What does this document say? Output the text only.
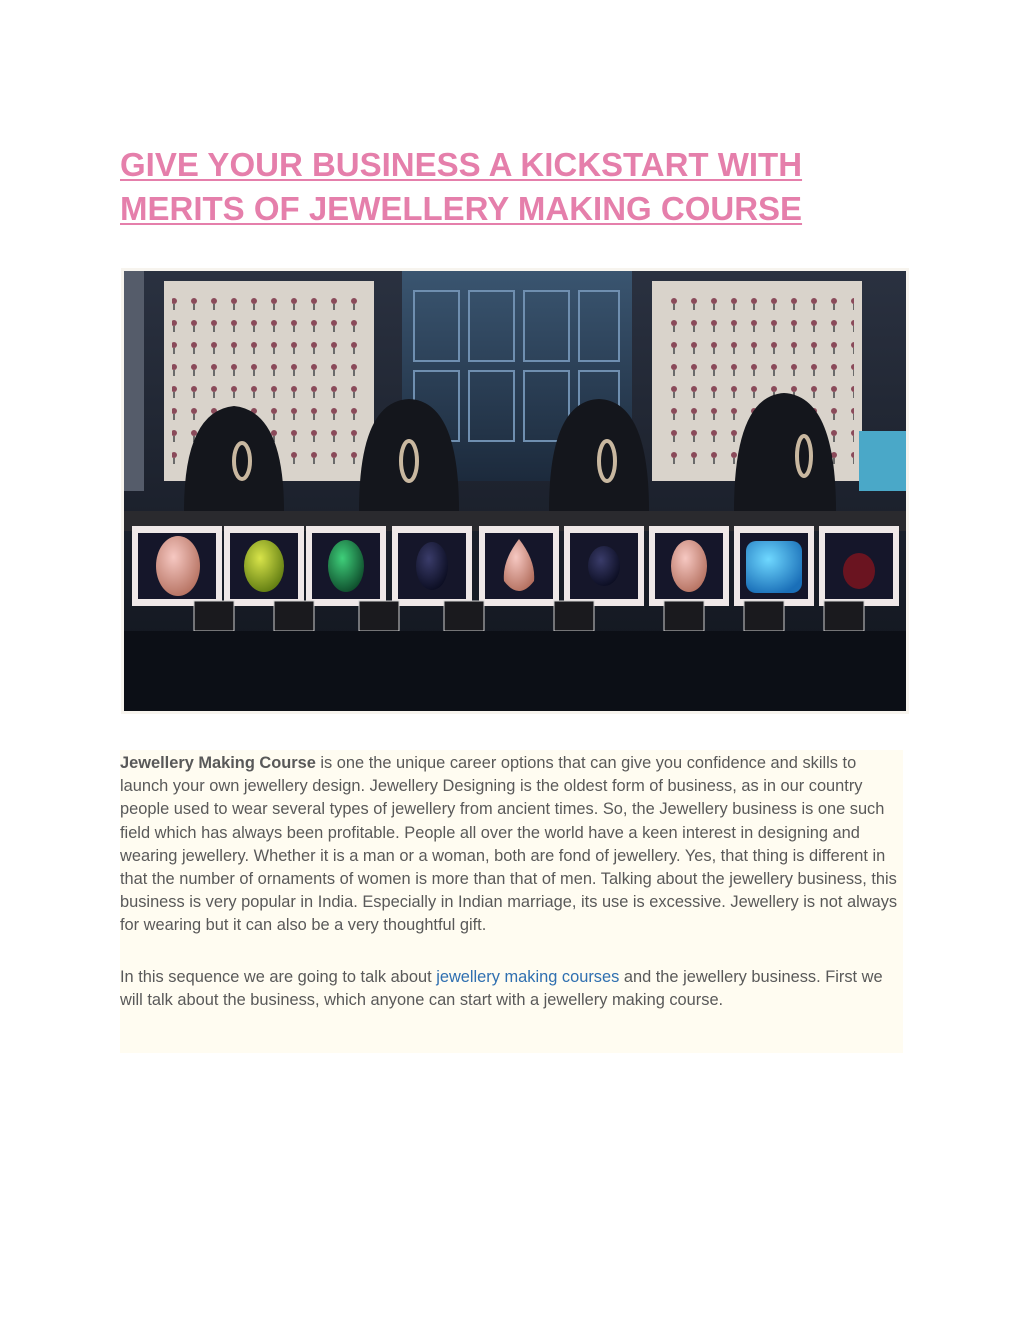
GIVE YOUR BUSINESS A KICKSTART WITH MERITS OF JEWELLERY MAKING COURSE

Jewellery Making Course is one the unique career options that can give you confidence and skills to launch your own jewellery design. Jewellery Designing is the oldest form of business, as in our country people used to wear several types of jewellery from ancient times. So, the Jewellery business is one such field which has always been profitable. People all over the world have a keen interest in designing and wearing jewellery. Whether it is a man or a woman, both are fond of jewellery. Yes, that thing is different in that the number of ornaments of women is more than that of men. Talking about the jewellery business, this business is very popular in India. Especially in Indian marriage, its use is excessive. Jewellery is not always for wearing but it can also be a very thoughtful gift.

In this sequence we are going to talk about jewellery making courses and the jewellery business. First we will talk about the business, which anyone can start with a jewellery making course.
